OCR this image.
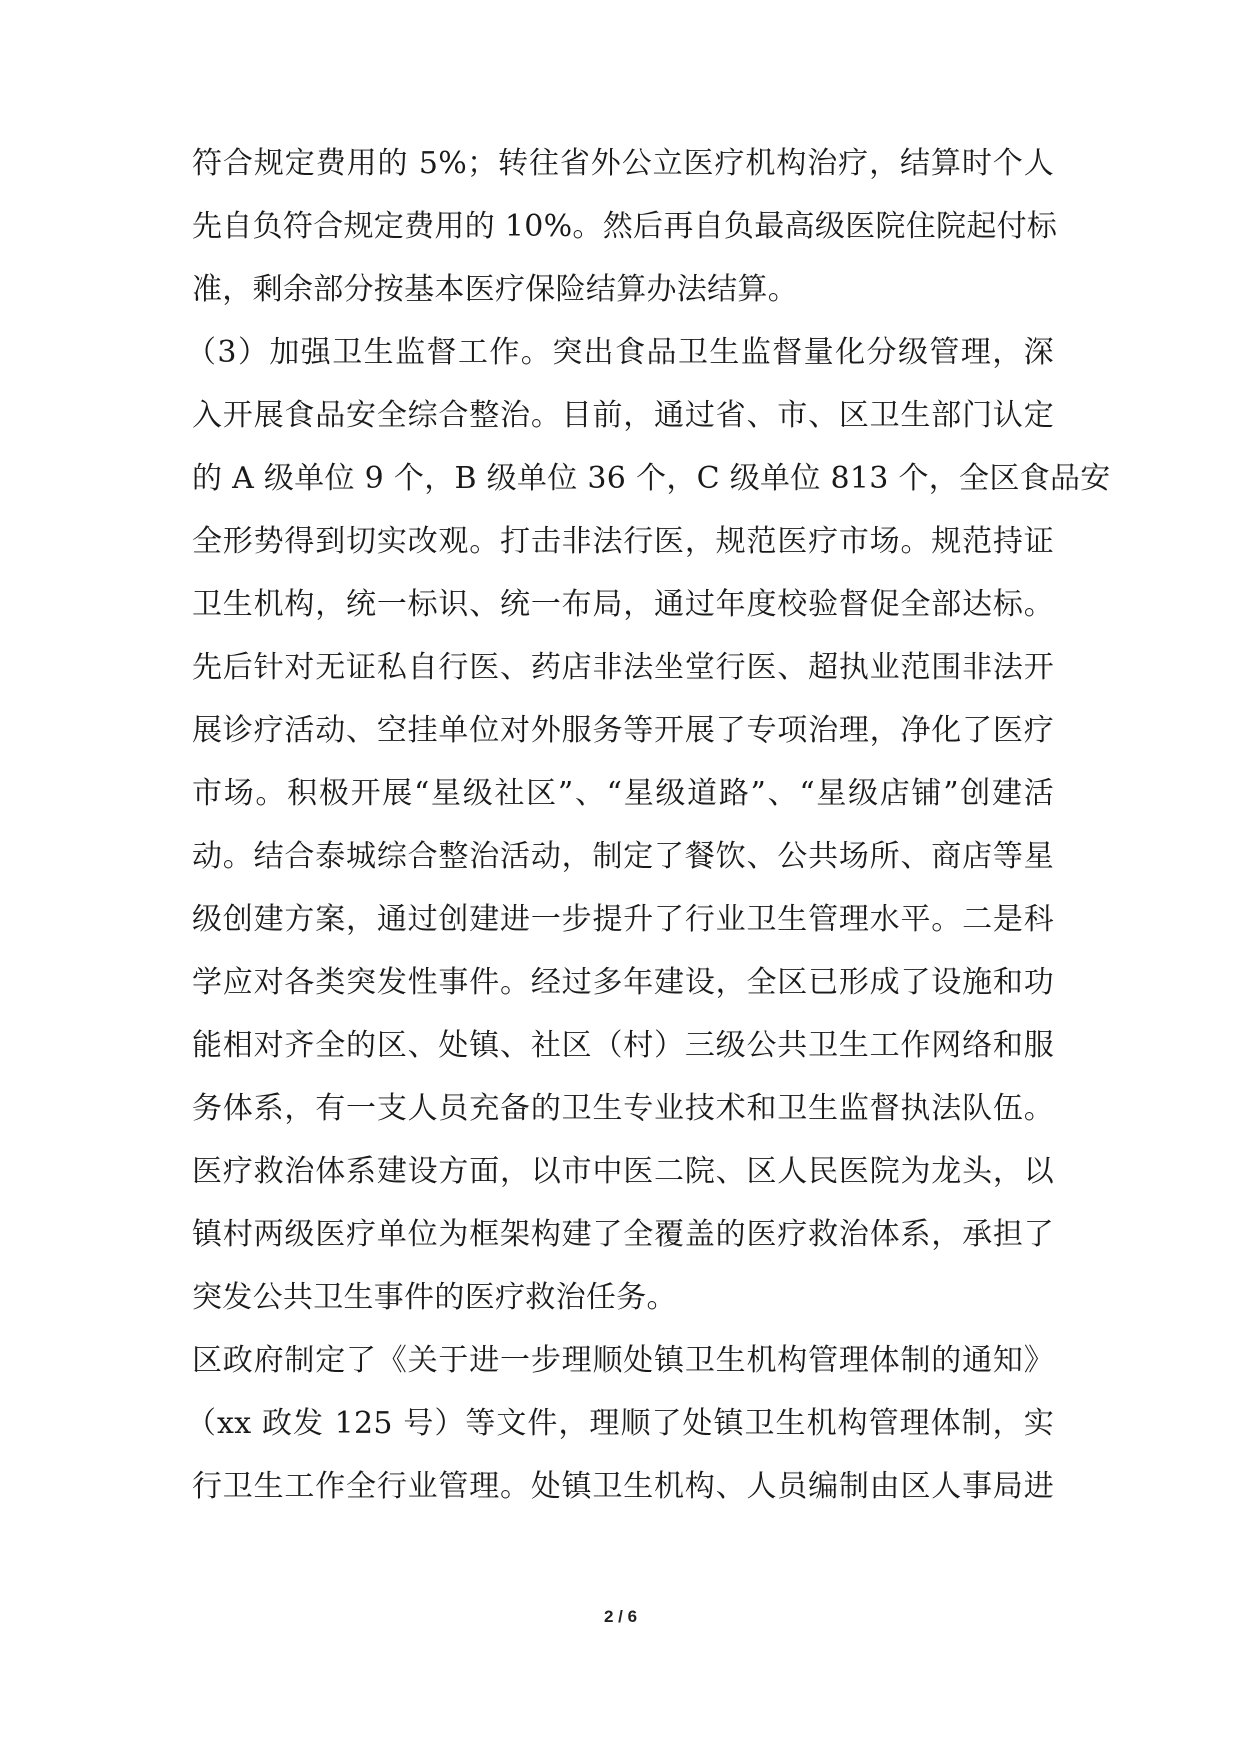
符合规定费用的 5%；转往省外公立医疗机构治疗，结算时个人
先自负符合规定费用的 10%。然后再自负最高级医院住院起付标
准，剩余部分按基本医疗保险结算办法结算。
（3）加强卫生监督工作。突出食品卫生监督量化分级管理，深
入开展食品安全综合整治。目前，通过省、市、区卫生部门认定
的 A 级单位 9 个，B 级单位 36 个，C 级单位 813 个，全区食品安
全形势得到切实改观。打击非法行医，规范医疗市场。规范持证
卫生机构，统一标识、统一布局，通过年度校验督促全部达标。
先后针对无证私自行医、药店非法坐堂行医、超执业范围非法开
展诊疗活动、空挂单位对外服务等开展了专项治理，净化了医疗
市场。积极开展“星级社区”、“星级道路”、“星级店铺”创建活
动。结合泰城综合整治活动，制定了餐饮、公共场所、商店等星
级创建方案，通过创建进一步提升了行业卫生管理水平。二是科
学应对各类突发性事件。经过多年建设，全区已形成了设施和功
能相对齐全的区、处镇、社区（村）三级公共卫生工作网络和服
务体系，有一支人员充备的卫生专业技术和卫生监督执法队伍。
医疗救治体系建设方面，以市中医二院、区人民医院为龙头，以
镇村两级医疗单位为框架构建了全覆盖的医疗救治体系，承担了
突发公共卫生事件的医疗救治任务。
区政府制定了《关于进一步理顺处镇卫生机构管理体制的通知》
（xx 政发 125 号）等文件，理顺了处镇卫生机构管理体制，实
行卫生工作全行业管理。处镇卫生机构、人员编制由区人事局进
2 / 6
